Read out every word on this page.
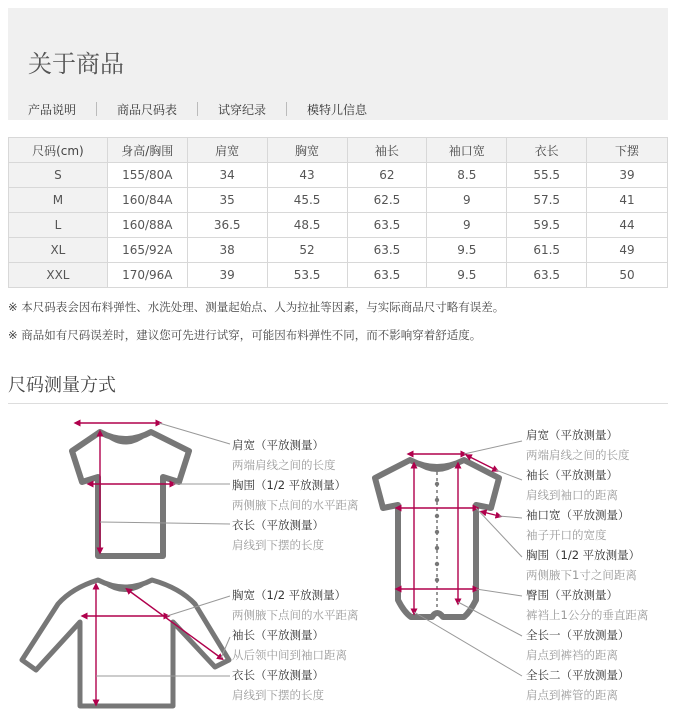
关于商品
产品说明	商品尺码表	试穿纪录	模特儿信息
尺码(cm)	身高/胸围	肩宽	胸宽	袖长	袖口宽	衣长	下摆
S	155/80A	34	43	62	8.5	55.5	39
M	160/84A	35	45.5	62.5	9	57.5	41
L	160/88A	36.5	48.5	63.5	9	59.5	44
XL	165/92A	38	52	63.5	9.5	61.5	49
XXL	170/96A	39	53.5	63.5	9.5	63.5	50
※ 本尺码表会因布料弹性、水洗处理、测量起始点、人为拉扯等因素，与实际商品尺寸略有误差。
※ 商品如有尺码误差时，建议您可先进行试穿，可能因布料弹性不同，而不影响穿着舒适度。
尺码测量方式
肩宽（平放测量）
两端肩线之间的长度
胸围（1/2 平放测量）
两侧腋下点间的水平距离
衣长（平放测量）
肩线到下摆的长度
胸宽（1/2 平放测量）
两侧腋下点间的水平距离
袖长（平放测量）
从后领中间到袖口距离
衣长（平放测量）
肩线到下摆的长度
肩宽（平放测量）
两端肩线之间的长度
袖长（平放测量）
肩线到袖口的距离
袖口宽（平放测量）
袖子开口的宽度
胸围（1/2 平放测量）
两侧腋下1寸之间距离
臀围（平放测量）
裤裆上1公分的垂直距离
全长一（平放测量）
肩点到裤裆的距离
全长二（平放测量）
肩点到裤管的距离
